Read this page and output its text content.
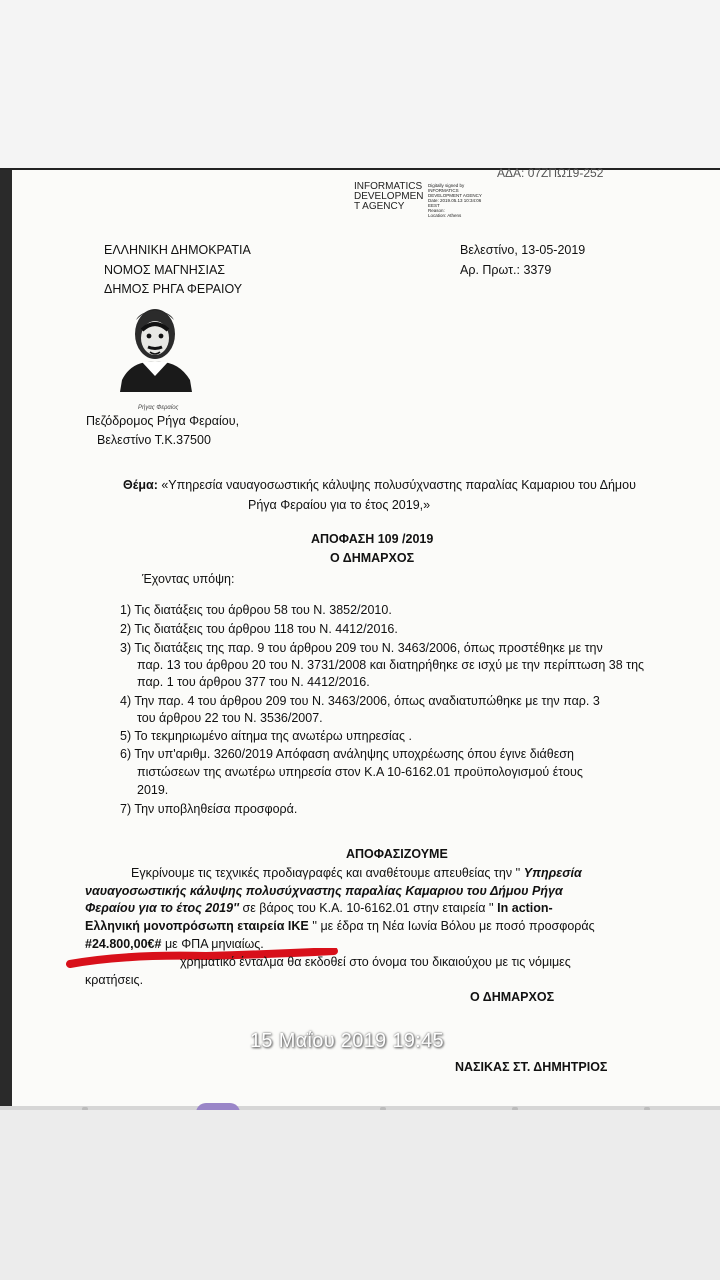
ΑΔΑ: 07ΖΠΩ19-252
INFORMATICS
DEVELOPMEN
T AGENCY
Digitally signed by
INFORMATICS
DEVELOPMENT AGENCY
Date: 2019.05.13 10:34:06
EEST
Reason:
Location: Athens
ΕΛΛΗΝΙΚΗ ΔΗΜΟΚΡΑΤΙΑ
ΝΟΜΟΣ ΜΑΓΝΗΣΙΑΣ
ΔΗΜΟΣ ΡΗΓΑ ΦΕΡΑΙΟΥ
Βελεστίνο, 13-05-2019
Αρ. Πρωτ.: 3379
Ρήγας Φεραίος
Πεζόδρομος Ρήγα Φεραίου,
Βελεστίνο Τ.Κ.37500
Θέμα: «Υπηρεσία ναυαγοσωστικής κάλυψης πολυσύχναστης παραλίας Καμαριου του Δήμου
Ρήγα Φεραίου για το έτος 2019,»
ΑΠΟΦΑΣΗ 109 /2019
Ο ΔΗΜΑΡΧΟΣ
Έχοντας υπόψη:
1) Τις διατάξεις του άρθρου 58 του Ν. 3852/2010.
2) Τις διατάξεις του άρθρου 118 του Ν. 4412/2016.
3) Τις διατάξεις της παρ. 9 του άρθρου 209 του Ν. 3463/2006, όπως προστέθηκε με την
παρ. 13 του άρθρου 20 του Ν. 3731/2008 και διατηρήθηκε σε ισχύ με την περίπτωση 38 της
παρ. 1 του άρθρου 377 του Ν. 4412/2016.
4) Την παρ. 4 του άρθρου 209 του Ν. 3463/2006, όπως αναδιατυπώθηκε με την παρ. 3
του άρθρου 22 του Ν. 3536/2007.
5) Το τεκμηριωμένο αίτημα της ανωτέρω υπηρεσίας .
6) Την υπ'αριθμ. 3260/2019 Απόφαση ανάληψης υποχρέωσης όπου έγινε διάθεση
πιστώσεων της ανωτέρω υπηρεσία στον Κ.Α 10-6162.01 προϋπολογισμού έτους
2019.
7) Την υποβληθείσα προσφορά.
ΑΠΟΦΑΣΙΖΟΥΜΕ
Εγκρίνουμε τις τεχνικές προδιαγραφές και αναθέτουμε απευθείας την '' Υπηρεσία
ναυαγοσωστικής κάλυψης πολυσύχναστης παραλίας Καμαριου του Δήμου Ρήγα
Φεραίου για το έτος 2019'' σε βάρος του Κ.Α. 10-6162.01 στην εταιρεία '' In action-
Ελληνική μονοπρόσωπη εταιρεία ΙΚΕ '' με έδρα τη Νέα Ιωνία Βόλου με ποσό προσφοράς
#24.800,00€# με ΦΠΑ μηνιαίως.
χρηματικό ένταλμα θα εκδοθεί στο όνομα του δικαιούχου με τις νόμιμες
κρατήσεις.
Ο ΔΗΜΑΡΧΟΣ
15 Μαΐου 2019 19:45
ΝΑΣΙΚΑΣ ΣΤ. ΔΗΜΗΤΡΙΟΣ
